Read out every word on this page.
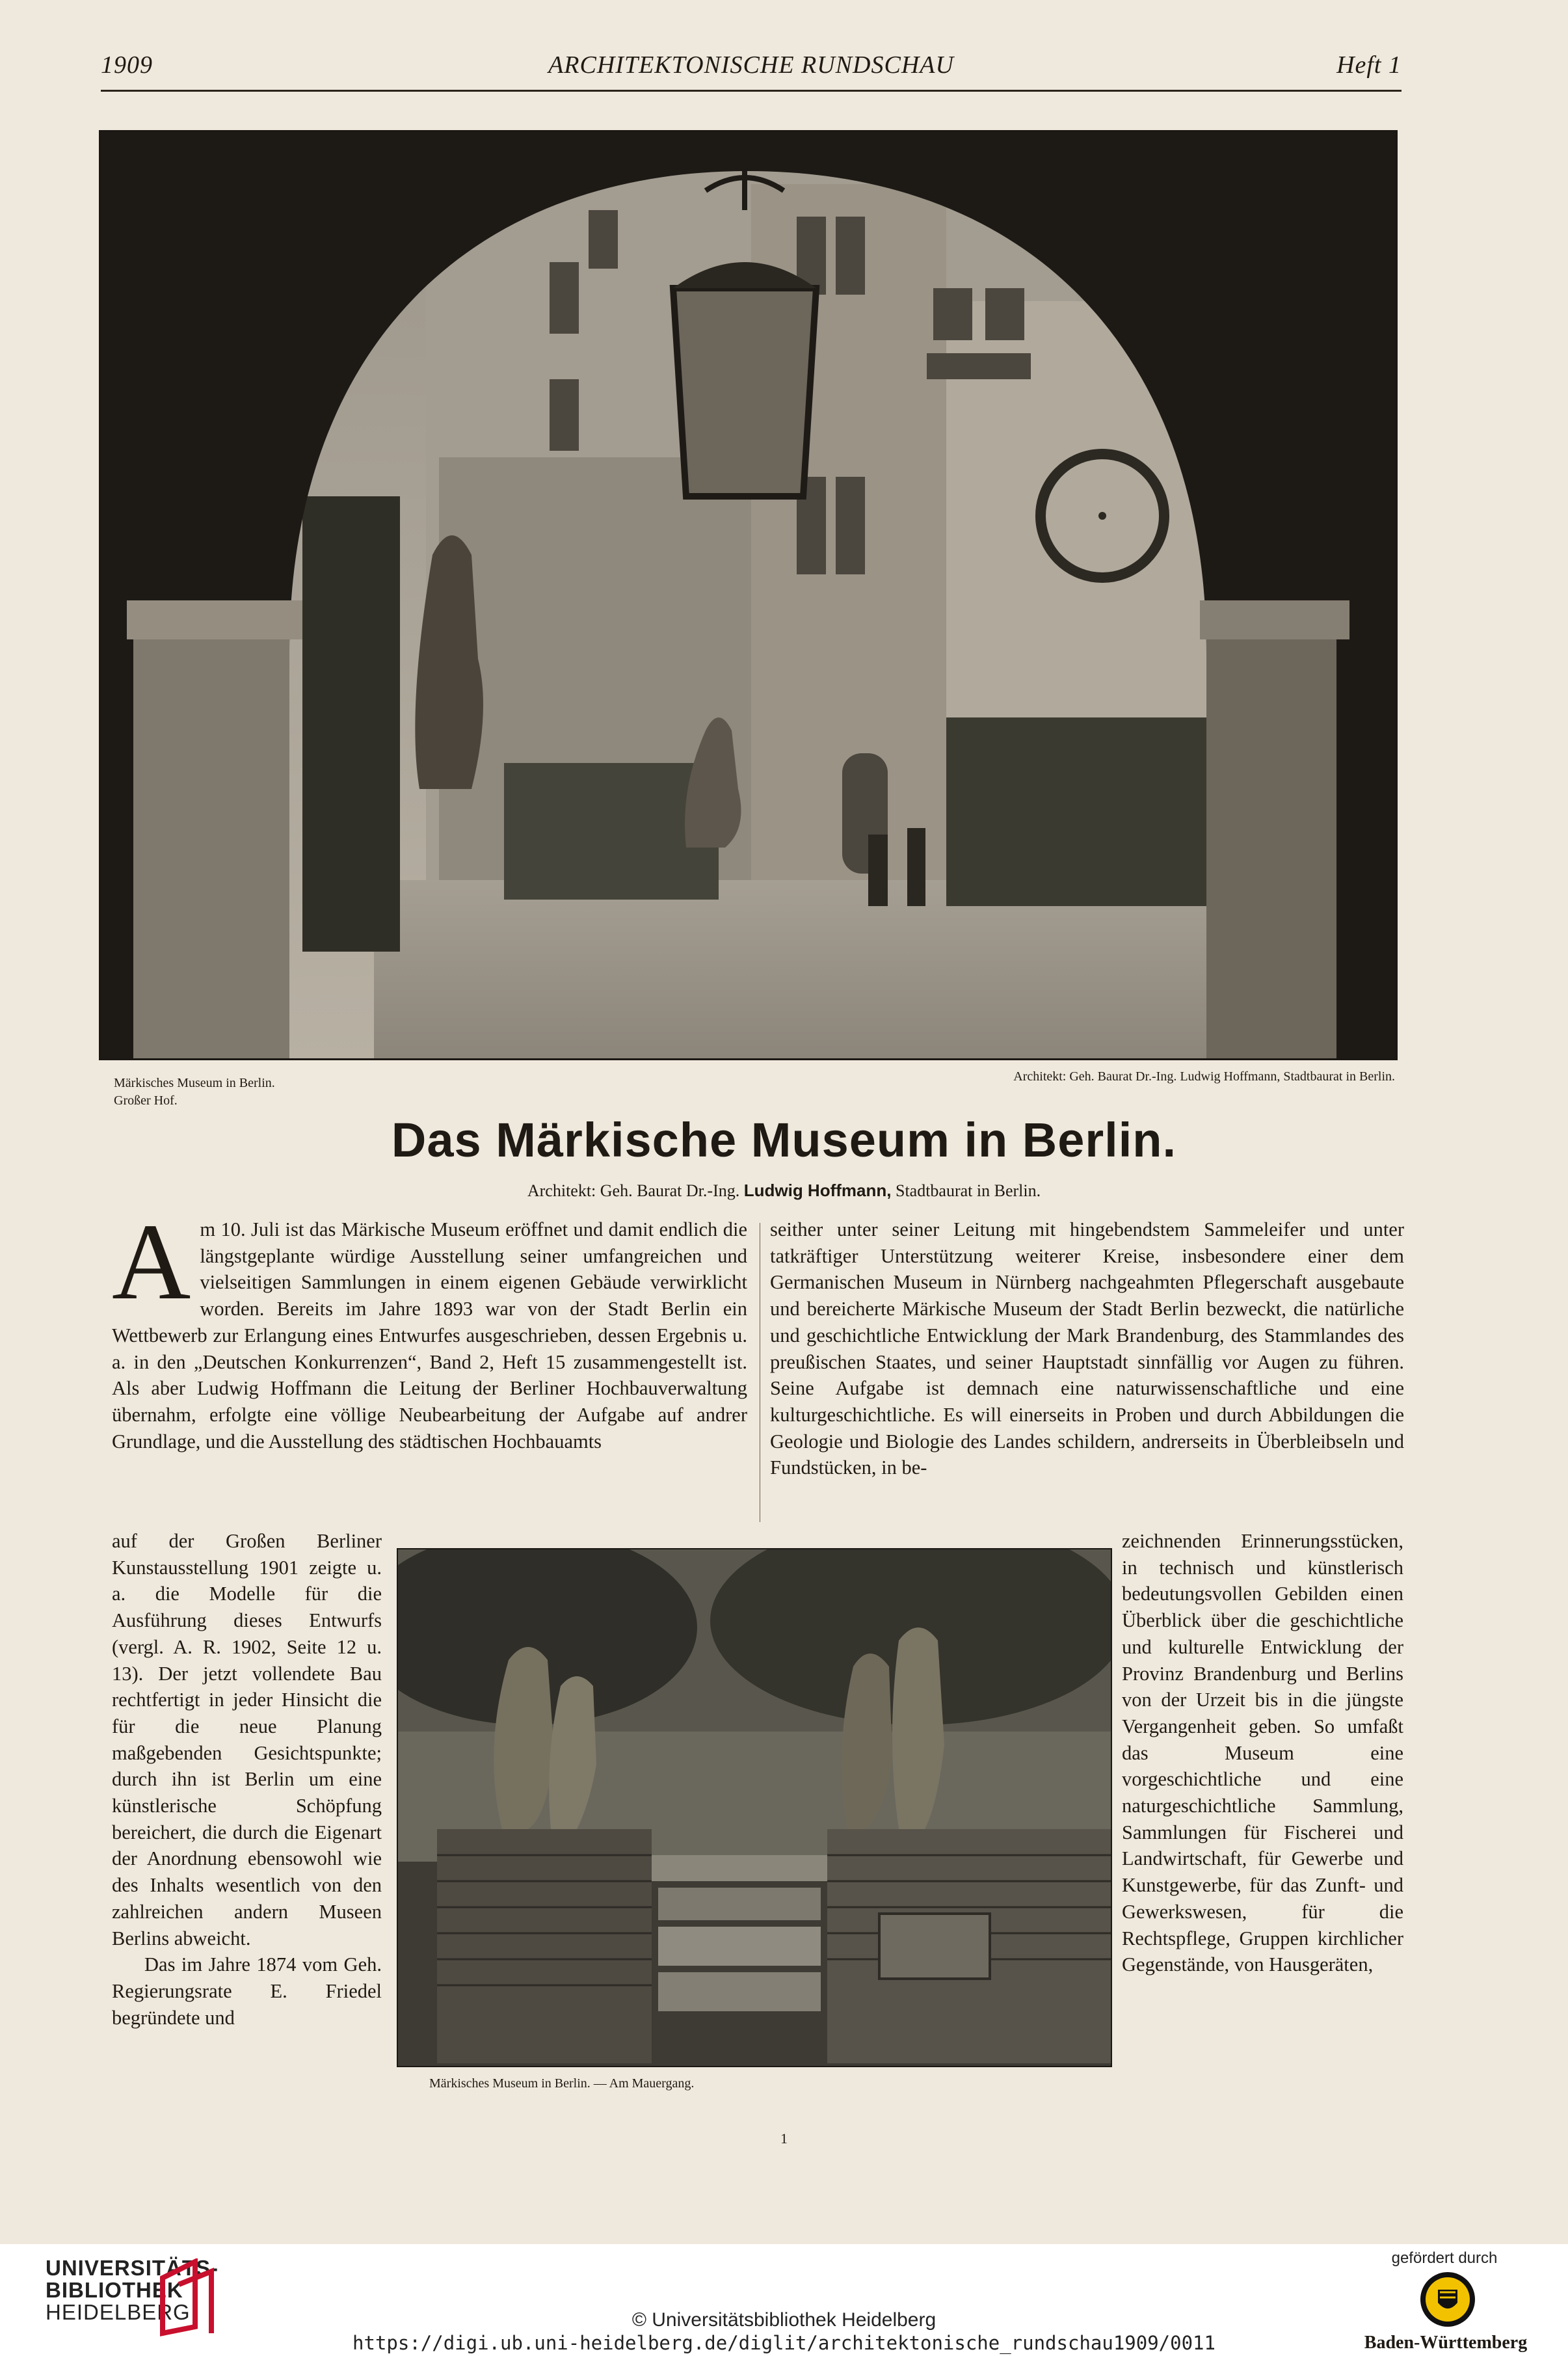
1909	ARCHITEKTONISCHE RUNDSCHAU	Heft 1
Märkisches Museum in Berlin.
Großer Hof.
Architekt: Geh. Baurat Dr.-Ing. Ludwig Hoffmann, Stadtbaurat in Berlin.
Das Märkische Museum in Berlin.
Architekt: Geh. Baurat Dr.-Ing. Ludwig Hoffmann, Stadtbaurat in Berlin.

Am 10. Juli ist das Märkische Museum eröffnet und damit endlich die längstgeplante würdige Ausstellung seiner umfangreichen und vielseitigen Sammlungen in einem eigenen Gebäude verwirklicht worden. Bereits im Jahre 1893 war von der Stadt Berlin ein Wettbewerb zur Erlangung eines Entwurfes ausgeschrieben, dessen Ergebnis u. a. in den „Deutschen Konkurrenzen“, Band 2, Heft 15 zusammengestellt ist. Als aber Ludwig Hoffmann die Leitung der Berliner Hochbauverwaltung übernahm, erfolgte eine völlige Neubearbeitung der Aufgabe auf andrer Grundlage, und die Ausstellung des städtischen Hochbauamts

seither unter seiner Leitung mit hingebendstem Sammeleifer und unter tatkräftiger Unterstützung weiterer Kreise, insbesondere einer dem Germanischen Museum in Nürnberg nachgeahmten Pflegerschaft ausgebaute und bereicherte Märkische Museum der Stadt Berlin bezweckt, die natürliche und geschichtliche Entwicklung der Mark Brandenburg, des Stammlandes des preußischen Staates, und seiner Hauptstadt sinnfällig vor Augen zu führen. Seine Aufgabe ist demnach eine naturwissenschaftliche und eine kulturgeschichtliche. Es will einerseits in Proben und durch Abbildungen die Geologie und Biologie des Landes schildern, andrerseits in Überbleibseln und Fundstücken, in be-

auf der Großen Berliner Kunstausstellung 1901 zeigte u. a. die Modelle für die Ausführung dieses Entwurfs (vergl. A. R. 1902, Seite 12 u. 13). Der jetzt vollendete Bau rechtfertigt in jeder Hinsicht die für die neue Planung maßgebenden Gesichtspunkte; durch ihn ist Berlin um eine künstlerische Schöpfung bereichert, die durch die Eigenart der Anordnung ebensowohl wie des Inhalts wesentlich von den zahlreichen andern Museen Berlins abweicht.

Das im Jahre 1874 vom Geh. Regierungsrate E. Friedel begründete und

Märkisches Museum in Berlin. — Am Mauergang.

zeichnenden Erinnerungsstücken, in technisch und künstlerisch bedeutungsvollen Gebilden einen Überblick über die geschichtliche und kulturelle Entwicklung der Provinz Brandenburg und Berlins von der Urzeit bis in die jüngste Vergangenheit geben. So umfaßt das Museum eine vorgeschichtliche und eine naturgeschichtliche Sammlung, Sammlungen für Fischerei und Landwirtschaft, für Gewerbe und Kunstgewerbe, für das Zunft- und Gewerkswesen, für die Rechtspflege, Gruppen kirchlicher Gegenstände, von Hausgeräten,

1
UNIVERSITÄTS-
BIBLIOTHEK
HEIDELBERG	© Universitätsbibliothek Heidelberg
https://digi.ub.uni-heidelberg.de/diglit/architektonische_rundschau1909/0011
gefördert durch
Baden-Württemberg
